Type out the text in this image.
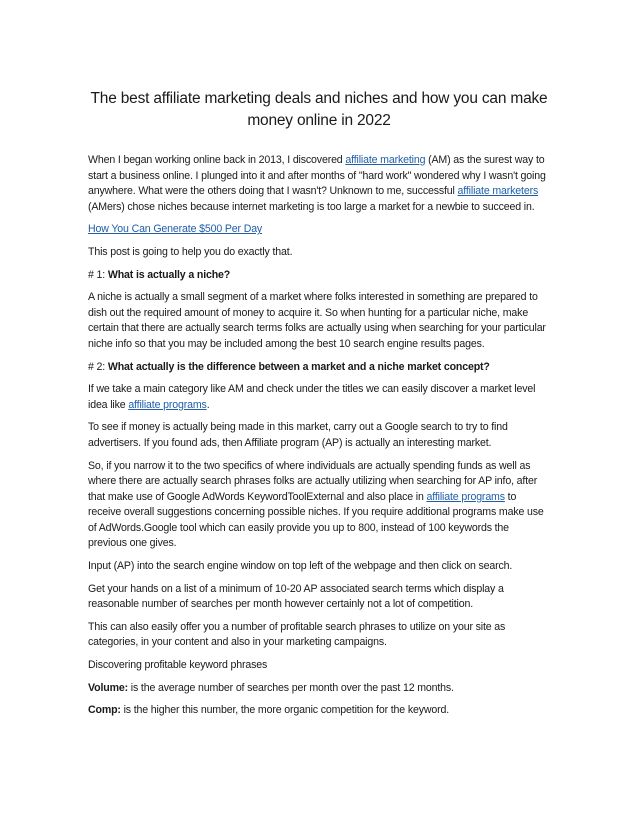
The best affiliate marketing deals and niches and how you can make money online in 2022

When I began working online back in 2013, I discovered affiliate marketing (AM) as the surest way to start a business online. I plunged into it and after months of "hard work" wondered why I wasn't going anywhere. What were the others doing that I wasn't? Unknown to me, successful affiliate marketers (AMers) chose niches because internet marketing is too large a market for a newbie to succeed in.

How You Can Generate $500 Per Day

This post is going to help you do exactly that.

# 1: What is actually a niche?

A niche is actually a small segment of a market where folks interested in something are prepared to dish out the required amount of money to acquire it. So when hunting for a particular niche, make certain that there are actually search terms folks are actually using when searching for your particular niche info so that you may be included among the best 10 search engine results pages.

# 2: What actually is the difference between a market and a niche market concept?

If we take a main category like AM and check under the titles we can easily discover a market level idea like affiliate programs.

To see if money is actually being made in this market, carry out a Google search to try to find advertisers. If you found ads, then Affiliate program (AP) is actually an interesting market.

So, if you narrow it to the two specifics of where individuals are actually spending funds as well as where there are actually search phrases folks are actually utilizing when searching for AP info, after that make use of Google AdWords KeywordToolExternal and also place in affiliate programs to receive overall suggestions concerning possible niches. If you require additional programs make use of AdWords.Google tool which can easily provide you up to 800, instead of 100 keywords the previous one gives.

Input (AP) into the search engine window on top left of the webpage and then click on search.

Get your hands on a list of a minimum of 10-20 AP associated search terms which display a reasonable number of searches per month however certainly not a lot of competition.

This can also easily offer you a number of profitable search phrases to utilize on your site as categories, in your content and also in your marketing campaigns.

Discovering profitable keyword phrases

Volume: is the average number of searches per month over the past 12 months.

Comp: is the higher this number, the more organic competition for the keyword.
